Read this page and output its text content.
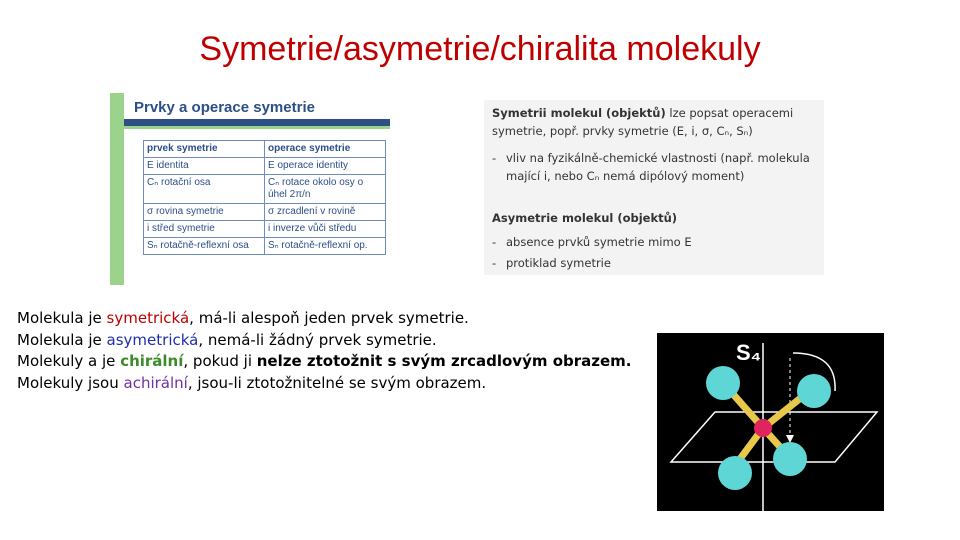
Symetrie/asymetrie/chiralita molekuly
Prvky a operace symetrie
prvek symetrie	operace symetrie
E identita	E operace identity
Cₙ rotační osa	Cₙ rotace okolo osy o úhel 2π/n
σ rovina symetrie	σ zrcadlení v rovině
i střed symetrie	i inverze vůči středu
Sₙ rotačně-reflexní osa	Sₙ rotačně-reflexní op.
Symetrii molekul (objektů) lze popsat operacemi
symetrie, popř. prvky symetrie (E, i, σ, Cₙ, Sₙ)
- vliv na fyzikálně-chemické vlastnosti (např. molekula
mající i, nebo Cₙ nemá dipólový moment)
Asymetrie molekul (objektů)
- absence prvků symetrie mimo E
- protiklad symetrie
Molekula je symetrická, má-li alespoň jeden prvek symetrie.
Molekula je asymetrická, nemá-li žádný prvek symetrie.
Molekuly a je chirální, pokud ji nelze ztotožnit s svým zrcadlovým obrazem.
Molekuly jsou achirální, jsou-li ztotožnitelné se svým obrazem.
S₄
